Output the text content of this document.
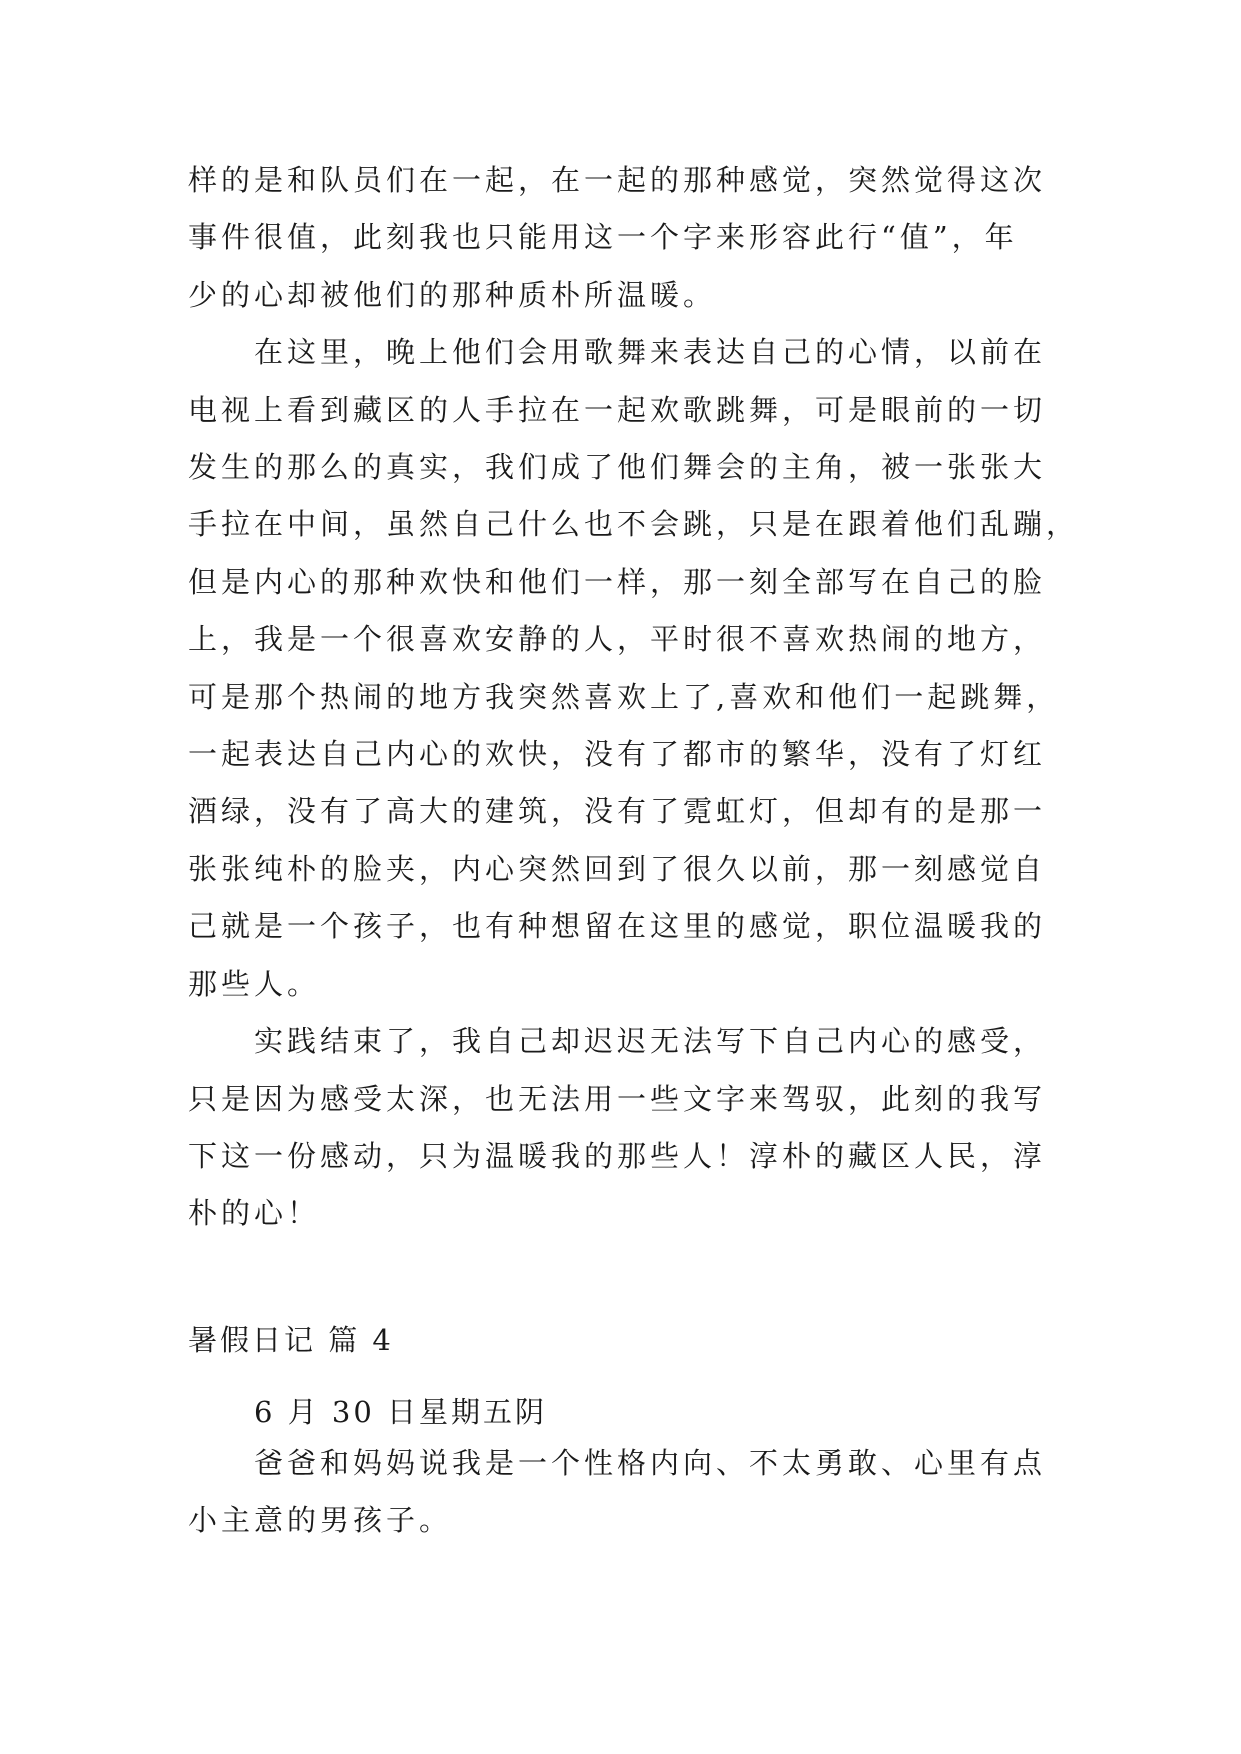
样的是和队员们在一起，在一起的那种感觉，突然觉得这次
事件很值，此刻我也只能用这一个字来形容此行“值”，年
少的心却被他们的那种质朴所温暖。

在这里，晚上他们会用歌舞来表达自己的心情，以前在
电视上看到藏区的人手拉在一起欢歌跳舞，可是眼前的一切
发生的那么的真实，我们成了他们舞会的主角，被一张张大
手拉在中间，虽然自己什么也不会跳，只是在跟着他们乱蹦，
但是内心的那种欢快和他们一样，那一刻全部写在自己的脸
上，我是一个很喜欢安静的人，平时很不喜欢热闹的地方，
可是那个热闹的地方我突然喜欢上了,喜欢和他们一起跳舞，
一起表达自己内心的欢快，没有了都市的繁华，没有了灯红
酒绿，没有了高大的建筑，没有了霓虹灯，但却有的是那一
张张纯朴的脸夹，内心突然回到了很久以前，那一刻感觉自
己就是一个孩子，也有种想留在这里的感觉，职位温暖我的
那些人。

实践结束了，我自己却迟迟无法写下自己内心的感受，
只是因为感受太深，也无法用一些文字来驾驭，此刻的我写
下这一份感动，只为温暖我的那些人！淳朴的藏区人民，淳
朴的心！

暑假日记 篇 4
6 月 30 日星期五阴
爸爸和妈妈说我是一个性格内向、不太勇敢、心里有点
小主意的男孩子。
